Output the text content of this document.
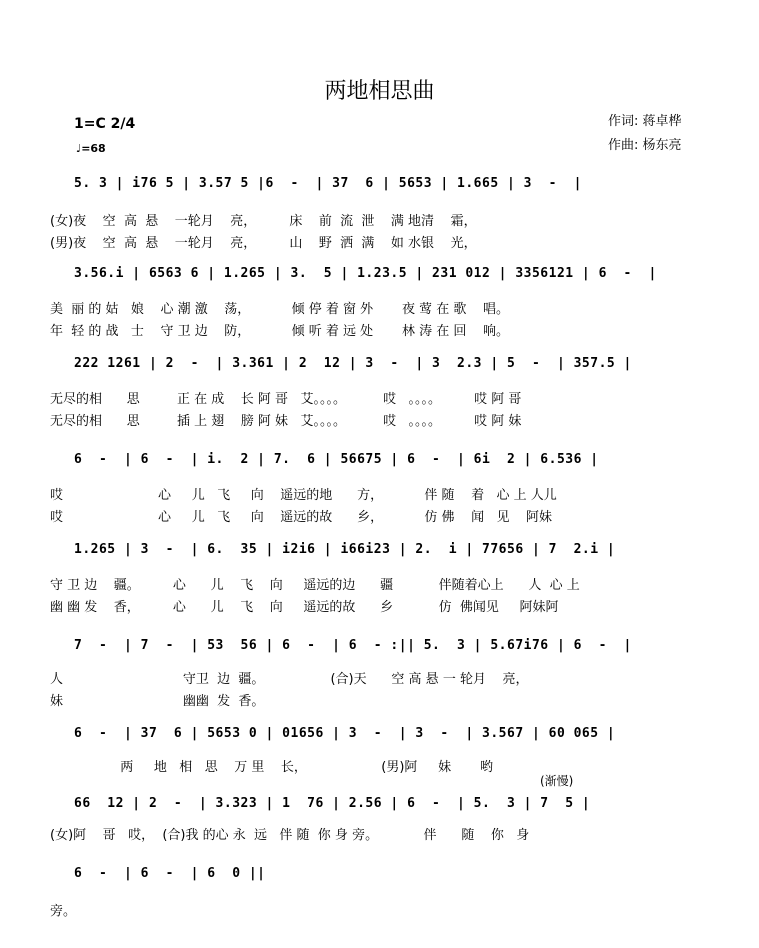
两地相思曲
作词: 蒋卓桦
作曲: 杨东亮
1=C 2/4
♩=68
5. 3 | i76 5 | 3.57 5 |6  -  | 37  6 | 5653 | 1.665 | 3  -  |
(女)夜    空  高  悬    一轮月    亮，        床    前  流  泄    满 地清    霜，
(男)夜    空  高  悬    一轮月    亮，        山    野  洒  满    如 水银    光，
3.56.i | 6563 6 | 1.265 | 3.  5 | 1.23.5 | 231 012 | 3356121 | 6  -  |
美  丽 的 姑   娘    心 潮 激    荡，          倾 停 着 窗 外       夜 莺 在 歌    唱。
年  轻 的 战   士    守 卫 边    防，          倾 听 着 远 处       林 涛 在 回    响。
222 1261 | 2  -  | 3.361 | 2  12 | 3  -  | 3  2.3 | 5  -  | 357.5 |
无尽的相      思         正 在 成    长 阿 哥   艾。。。。         哎   。。。。        哎 阿 哥
无尽的相      思         插 上 翅    膀 阿 妹   艾。。。。         哎   。。。。        哎 阿 妹
6  -  | 6  -  | i.  2 | 7.  6 | 56675 | 6  -  | 6i  2 | 6.536 |
哎                       心     儿   飞     向    遥远的地      方，          伴 随    着   心 上 人儿
哎                       心     儿   飞     向    遥远的故      乡，          仿 佛    闻   见    阿妹
1.265 | 3  -  | 6.  35 | i2i6 | i66i23 | 2.  i | 77656 | 7  2.i |
守 卫 边    疆。        心      儿    飞    向     遥远的边      疆           伴随着心上      人  心 上
幽 幽 发    香，        心      儿    飞    向     遥远的故      乡           仿  佛闻见     阿妹阿
7  -  | 7  -  | 53  56 | 6  -  | 6  - :|| 5.  3 | 5.67i76 | 6  -  |
人                             守卫  边  疆。                (合)天      空 高 悬 一 轮月    亮，
妹                             幽幽  发  香。
6  -  | 37  6 | 5653 0 | 01656 | 3  -  | 3  -  | 3.567 | 60 065 |
两     地   相   思    万 里    长，                  (男)阿     妹       哟
(渐慢)
66  12 | 2  -  | 3.323 | 1  76 | 2.56 | 6  -  | 5.  3 | 7  5 |
(女)阿    哥   哎，  (合)我 的心 永  远   伴 随  你 身 旁。           伴      随    你   身
6  -  | 6  -  | 6  0 ||
旁。
